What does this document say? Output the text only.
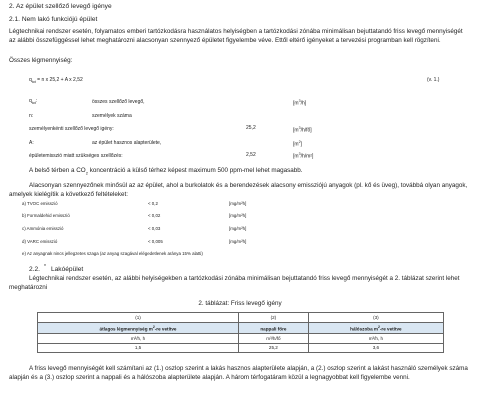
2. Az épület szellőző levegő igénye
2.1. Nem lakó funkciójú épület
Légtechnikai rendszer esetén, folyamatos emberi tartózkodásra használatos helyiségben a tartózkodási zónába minimálisan bejuttatandó friss levegő mennyiségét az alábbi összefüggéssel lehet meghatározni alacsonyan szennyező épületet figyelembe véve. Ettől eltérő igényeket a tervezési programban kell rögzíteni.
Összes légmennyiség:
$q_{tot} = n$ x 25,2 + A x 2,52	(v. 1.)
$q_{tot}$:	összes szellőző levegő,	$[m^3/h]$
n:	személyek száma
személyenkénti szellőző levegő igény:	25,2	$[m^3/h/fő]$
A:	az épület hasznos alapterülete,	$[m^2]$
épületemisszió miatt szükséges szellőzés:	2,52	$[m^3/h/m^2]$
A belső térben a $CO_2$ koncentráció a külső térhez képest maximum 500 ppm-mel lehet magasabb.
Alacsonyan szennyezőnek minősül az az épület, ahol a burkolatok és a berendezések alacsony emissziójú anyagok (pl. kő és üveg), továbbá olyan anyagok, amelyek kielégítik a következő feltételeket:
a) TVOC emisszió	< 0,2	[mg/m²h]
b) Formaldehid emisszió	< 0,02	[mg/m²h]
c) Ammónia emisszió	< 0,03	[mg/m²h]
d) VARC emisszió	< 0,005	[mg/m²h]
e) Az anyagnak nincs jellegzetes szaga (az anyag szagával elégedetlenek aránya 15% alatti)
2.2. * Lakóépület
Légtechnikai rendszer esetén, az alábbi helyiségekben a tartózkodási zónába minimálisan bejuttatandó friss levegő mennyiségét a 2. táblázat szerint lehet meghatározni
2. táblázat: Friss levegő igény
(1)	(2)	(3)
átlagos légmennyiség $m^2-re$ vetítve	nappali főre	hálószoba $m^2-re$ vetítve
m³/h, h	m³/h/fő	m³/h, h
1,5	25,2	3,6
A friss levegő mennyiségét kell számítani az (1.) oszlop szerint a lakás hasznos alapterülete alapján, a (2.) oszlop szerint a lakást használó személyek száma alapján és a (3.) oszlop szerint a nappali és a hálószoba alapterülete alapján. A három térfogatáram közül a legnagyobbat kell figyelembe venni.
